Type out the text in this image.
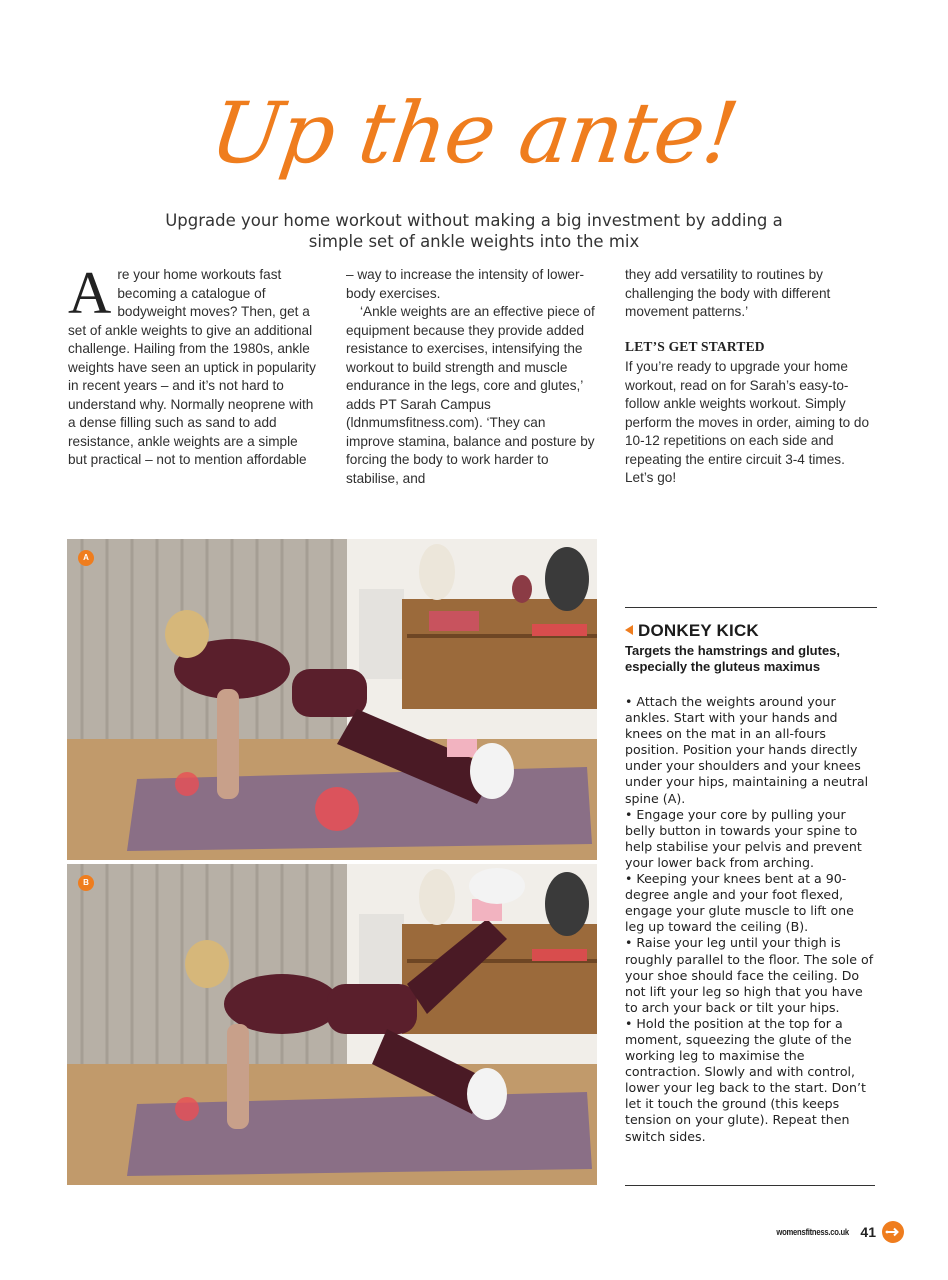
Up the ante!
Upgrade your home workout without making a big investment by adding a simple set of ankle weights into the mix
A re your home workouts fast becoming a catalogue of bodyweight moves? Then, get a set of ankle weights to give an additional challenge. Hailing from the 1980s, ankle weights have seen an uptick in popularity in recent years – and it’s not hard to understand why. Normally neoprene with a dense filling such as sand to add resistance, ankle weights are a simple but practical – not to mention affordable

– way to increase the intensity of lower-body exercises.

‘Ankle weights are an effective piece of equipment because they provide added resistance to exercises, intensifying the workout to build strength and muscle endurance in the legs, core and glutes,’ adds PT Sarah Campus (ldnmumsfitness.com). ‘They can improve stamina, balance and posture by forcing the body to work harder to stabilise, and

they add versatility to routines by challenging the body with different movement patterns.’

LET’S GET STARTED

If you’re ready to upgrade your home workout, read on for Sarah’s easy-to-follow ankle weights workout. Simply perform the moves in order, aiming to do 10-12 repetitions on each side and repeating the entire circuit 3-4 times. Let’s go!

A
B
DONKEY KICK
Targets the hamstrings and glutes, especially the gluteus maximus
• Attach the weights around your ankles. Start with your hands and knees on the mat in an all-fours position. Position your hands directly under your shoulders and your knees under your hips, maintaining a neutral spine (A).
• Engage your core by pulling your belly button in towards your spine to help stabilise your pelvis and prevent your lower back from arching.
• Keeping your knees bent at a 90-degree angle and your foot flexed, engage your glute muscle to lift one leg up toward the ceiling (B).
• Raise your leg until your thigh is roughly parallel to the floor. The sole of your shoe should face the ceiling. Do not lift your leg so high that you have to arch your back or tilt your hips.
• Hold the position at the top for a moment, squeezing the glute of the working leg to maximise the contraction. Slowly and with control, lower your leg back to the start. Don’t let it touch the ground (this keeps tension on your glute). Repeat then switch sides.
womensfitness.co.uk 41
